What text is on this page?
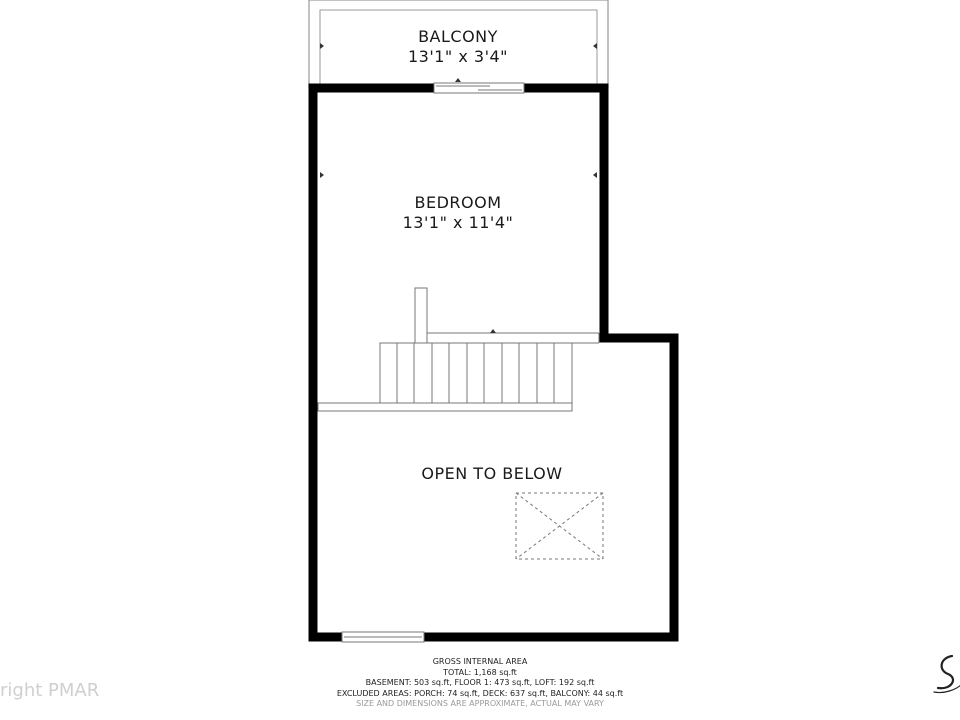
BALCONY
13'1" x 3'4"
BEDROOM
13'1" x 11'4"
OPEN TO BELOW
GROSS INTERNAL AREA
TOTAL: 1,168 sq.ft
BASEMENT: 503 sq.ft, FLOOR 1: 473 sq.ft, LOFT: 192 sq.ft
EXCLUDED AREAS: PORCH: 74 sq.ft, DECK: 637 sq.ft, BALCONY: 44 sq.ft
SIZE AND DIMENSIONS ARE APPROXIMATE, ACTUAL MAY VARY
right PMAR
